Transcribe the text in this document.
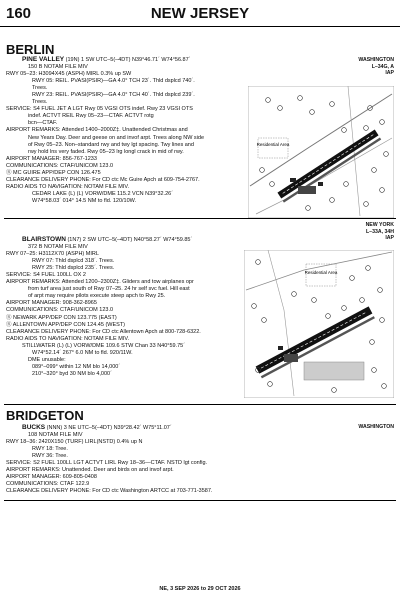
160	NEW JERSEY
BERLIN
WASHINGTON
L–34G, A
IAP
PINE VALLEY (19N) 1 SW UTC–5(–4DT) N39°46.71´ W74°56.87´
150 B NOTAM FILE MIV
RWY 05–23: H3094X45 (ASPH) MIRL 0.3% up SW
RWY 05: REIL. PVASI(PSIR)—GA 4.0° TCH 23´. Thld dsplcd 740´.
Trees.
RWY 23: REIL. PVASI(PSIR)—GA 4.0° TCH 40´. Thld dsplcd 239´.
Trees.
SERVICE: S4 FUEL JET A LGT Rwy 05 VGSI OTS indef. Rwy 23 VGSI OTS
indef. ACTVT REIL Rwy 05–23—CTAF. ACTVT rotg
bcn—CTAF.
AIRPORT REMARKS: Attended 1400–2000Z‡. Unattended Christmas and
New Years Day. Deer and geese on and invof arpt. Trees along NW side
of Rwy 05–23. Non–standard rwy and twy lgt spacing. Twy lines and
rwy hold lns very faded. Rwy 05–23 lrg longl crack in mid of rwy.
AIRPORT MANAGER: 856-767-1233
COMMUNICATIONS: CTAF/UNICOM 123.0
Ⓡ MC GUIRE APP/DEP CON 126.475
CLEARANCE DELIVERY PHONE: For CD ctc Mc Guire Apch at 609-754-2767.
RADIO AIDS TO NAVIGATION: NOTAM FILE MIV.
CEDAR LAKE (L) (L) VORW/DME 115.2 VCN N39°32.26´
W74°58.03´ 014° 14.5 NM to fld. 120/10W.
Residential Area
NEW YORK
L–33A, 34H
IAP
BLAIRSTOWN (1N7) 2 SW UTC–5(–4DT) N40°58.27´ W74°59.85´
372 B NOTAM FILE MIV
RWY 07–25: H3112X70 (ASPH) MIRL
RWY 07: Thld dsplcd 318´. Trees.
RWY 25: Thld dsplcd 235´. Trees.
SERVICE: S4 FUEL 100LL OX 2
AIRPORT REMARKS: Attended 1200–2300Z‡. Gliders and tow airplanes opr
from turf area just south of Rwy 07–25. 24 hr self svc fuel. Hill east
of arpt may require pilots execute steep apch to Rwy 25.
AIRPORT MANAGER: 908-362-8965
COMMUNICATIONS: CTAF/UNICOM 123.0
Ⓡ NEWARK APP/DEP CON 123.775 (EAST)
Ⓡ ALLENTOWN APP/DEP CON 124.45 (WEST)
CLEARANCE DELIVERY PHONE: For CD ctc Allentown Apch at 800-728-6322.
RADIO AIDS TO NAVIGATION: NOTAM FILE MIV.
STILLWATER (L) (L) VORW/DME 109.6 STW Chan 33 N40°59.75´
W74°52.14´ 267° 6.0 NM to fld. 920/11W.
DME unusable:
089°–099° within 12 NM blo 14,000´
210°–320° byd 30 NM blo 4,000´
Residential Area
BRIDGETON
WASHINGTON
BUCKS (NNN) 3 NE UTC–5(–4DT) N39°28.42´ W75°11.07´
108 NOTAM FILE MIV
RWY 18–36: 2420X150 (TURF) LIRL(NSTD) 0.4% up N
RWY 18: Tree.
RWY 36: Tree.
SERVICE: S2 FUEL 100LL LGT ACTVT LIRL Rwy 18–36—CTAF. NSTD lgt config.
AIRPORT REMARKS: Unattended. Deer and birds on and invof arpt.
AIRPORT MANAGER: 609-805-0408
COMMUNICATIONS: CTAF 122.9
CLEARANCE DELIVERY PHONE: For CD ctc Washington ARTCC at 703-771-3587.
NE, 3 SEP 2026 to 29 OCT 2026
